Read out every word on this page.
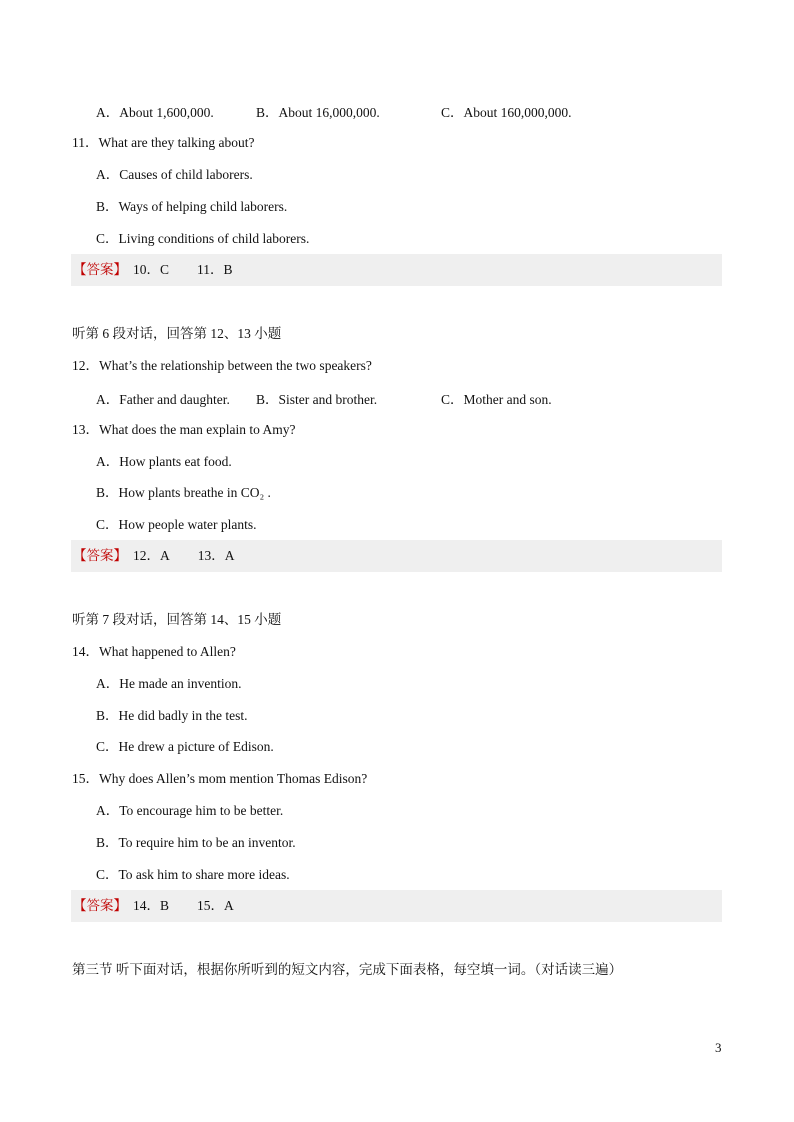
A．About 1,600,000.	B．About 16,000,000.	C．About 160,000,000.
11．What are they talking about?
A．Causes of child laborers.
B．Ways of helping child laborers.
C．Living conditions of child laborers.
【答案】 10．C 11．B
听第 6 段对话，回答第 12、13 小题
12．What’s the relationship between the two speakers?
A．Father and daughter. B．Sister and brother.	C．Mother and son.
13．What does the man explain to Amy?
A．How plants eat food.
B．How plants breathe in CO₂ .
C．How people water plants.
【答案】 12．A 13．A
听第 7 段对话，回答第 14、15 小题
14．What happened to Allen?
A．He made an invention.
B．He did badly in the test.
C．He drew a picture of Edison.
15．Why does Allen’s mom mention Thomas Edison?
A．To encourage him to be better.
B．To require him to be an inventor.
C．To ask him to share more ideas.
【答案】 14．B 15．A
第三节 听下面对话，根据你所听到的短文内容，完成下面表格，每空填一词。（对话读三遍）
3
